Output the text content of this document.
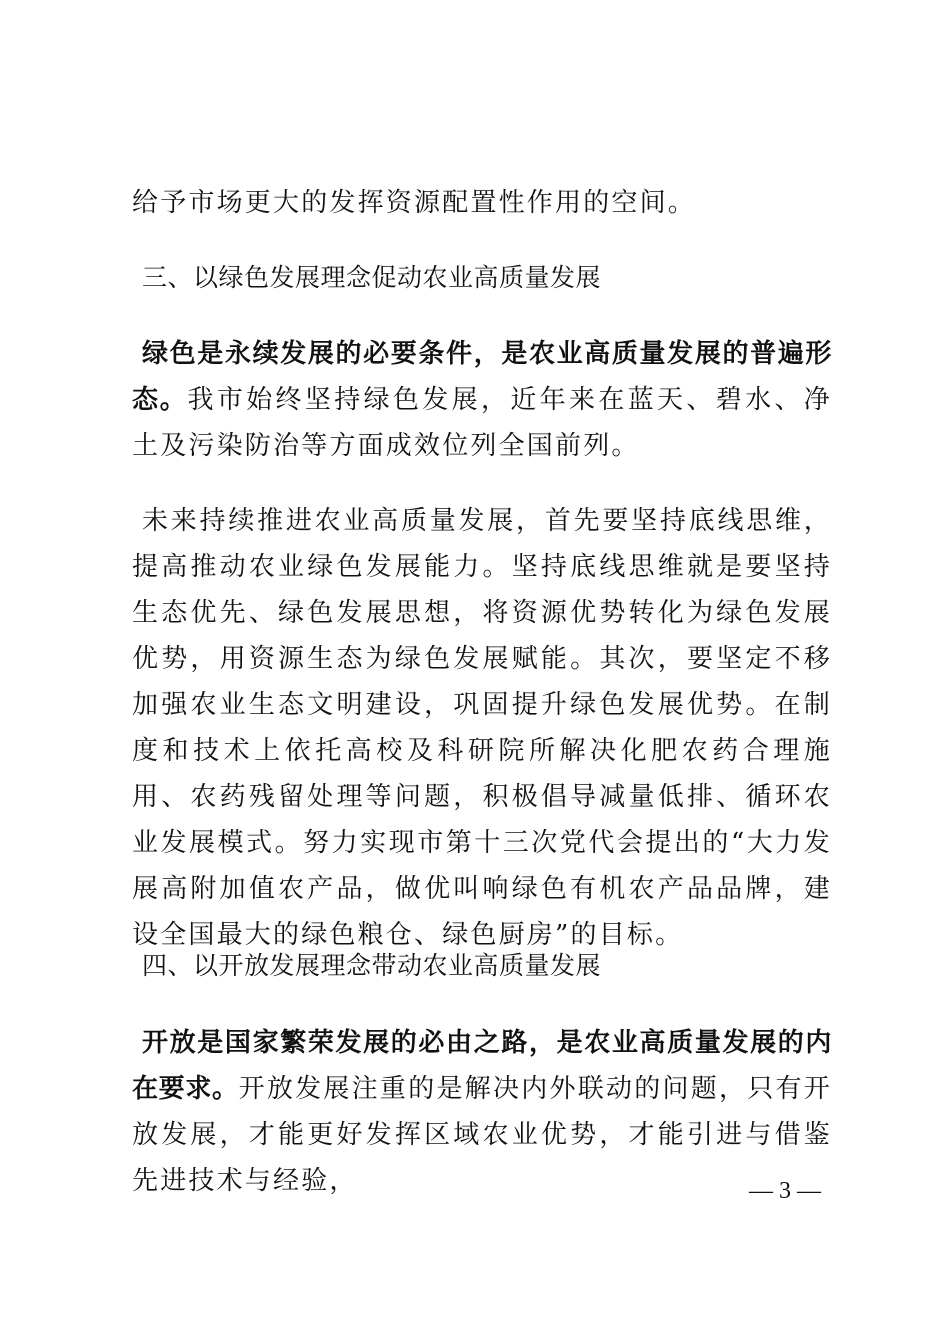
给予市场更大的发挥资源配置性作用的空间。
三、以绿色发展理念促动农业高质量发展
绿色是永续发展的必要条件，是农业高质量发展的普遍形态。我市始终坚持绿色发展，近年来在蓝天、碧水、净土及污染防治等方面成效位列全国前列。
未来持续推进农业高质量发展，首先要坚持底线思维，提高推动农业绿色发展能力。坚持底线思维就是要坚持生态优先、绿色发展思想，将资源优势转化为绿色发展优势，用资源生态为绿色发展赋能。其次，要坚定不移加强农业生态文明建设，巩固提升绿色发展优势。在制度和技术上依托高校及科研院所解决化肥农药合理施用、农药残留处理等问题，积极倡导减量低排、循环农业发展模式。努力实现市第十三次党代会提出的“大力发展高附加值农产品，做优叫响绿色有机农产品品牌，建设全国最大的绿色粮仓、绿色厨房”的目标。
四、以开放发展理念带动农业高质量发展
开放是国家繁荣发展的必由之路，是农业高质量发展的内在要求。开放发展注重的是解决内外联动的问题，只有开放发展，才能更好发挥区域农业优势，才能引进与借鉴先进技术与经验，	— 3 —
